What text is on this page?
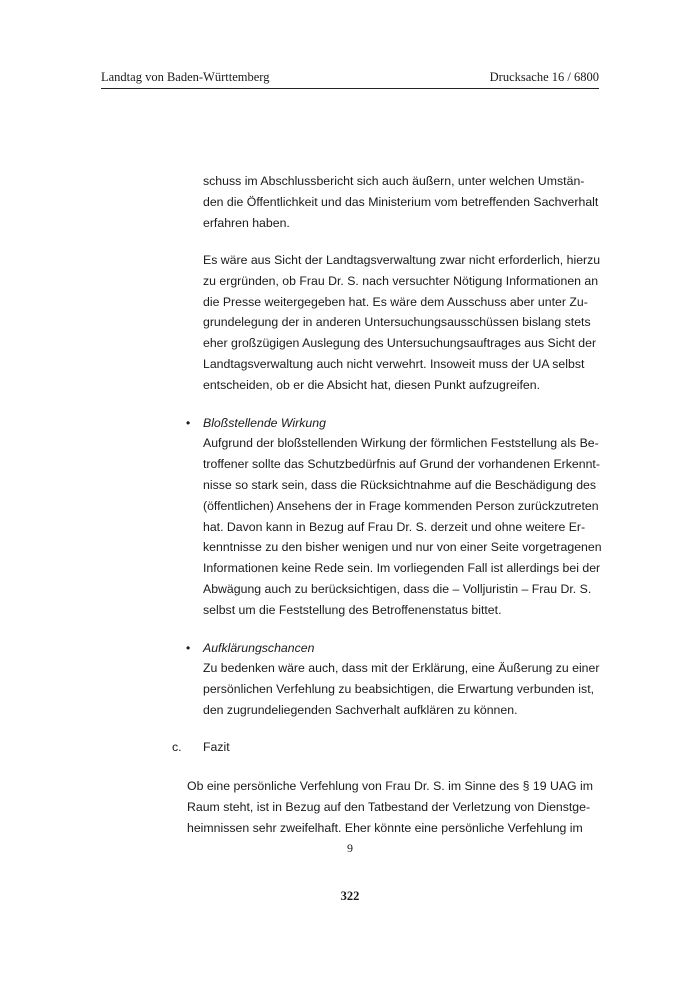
Landtag von Baden-Württemberg	Drucksache 16 / 6800
schuss im Abschlussbericht sich auch äußern, unter welchen Umstän-
den die Öffentlichkeit und das Ministerium vom betreffenden Sachverhalt
erfahren haben.
Es wäre aus Sicht der Landtagsverwaltung zwar nicht erforderlich, hierzu
zu ergründen, ob Frau Dr. S. nach versuchter Nötigung Informationen an
die Presse weitergegeben hat. Es wäre dem Ausschuss aber unter Zu-
grundelegung der in anderen Untersuchungsausschüssen bislang stets
eher großzügigen Auslegung des Untersuchungsauftrages aus Sicht der
Landtagsverwaltung auch nicht verwehrt. Insoweit muss der UA selbst
entscheiden, ob er die Absicht hat, diesen Punkt aufzugreifen.
• Bloßstellende Wirkung
Aufgrund der bloßstellenden Wirkung der förmlichen Feststellung als Be-
troffener sollte das Schutzbedürfnis auf Grund der vorhandenen Erkennt-
nisse so stark sein, dass die Rücksichtnahme auf die Beschädigung des
(öffentlichen) Ansehens der in Frage kommenden Person zurückzutreten
hat. Davon kann in Bezug auf Frau Dr. S. derzeit und ohne weitere Er-
kenntnisse zu den bisher wenigen und nur von einer Seite vorgetragenen
Informationen keine Rede sein. Im vorliegenden Fall ist allerdings bei der
Abwägung auch zu berücksichtigen, dass die – Volljuristin – Frau Dr. S.
selbst um die Feststellung des Betroffenenstatus bittet.
• Aufklärungschancen
Zu bedenken wäre auch, dass mit der Erklärung, eine Äußerung zu einer
persönlichen Verfehlung zu beabsichtigen, die Erwartung verbunden ist,
den zugrundeliegenden Sachverhalt aufklären zu können.
c. Fazit
Ob eine persönliche Verfehlung von Frau Dr. S. im Sinne des § 19 UAG im
Raum steht, ist in Bezug auf den Tatbestand der Verletzung von Dienstge-
heimnissen sehr zweifelhaft. Eher könnte eine persönliche Verfehlung im
9
322
